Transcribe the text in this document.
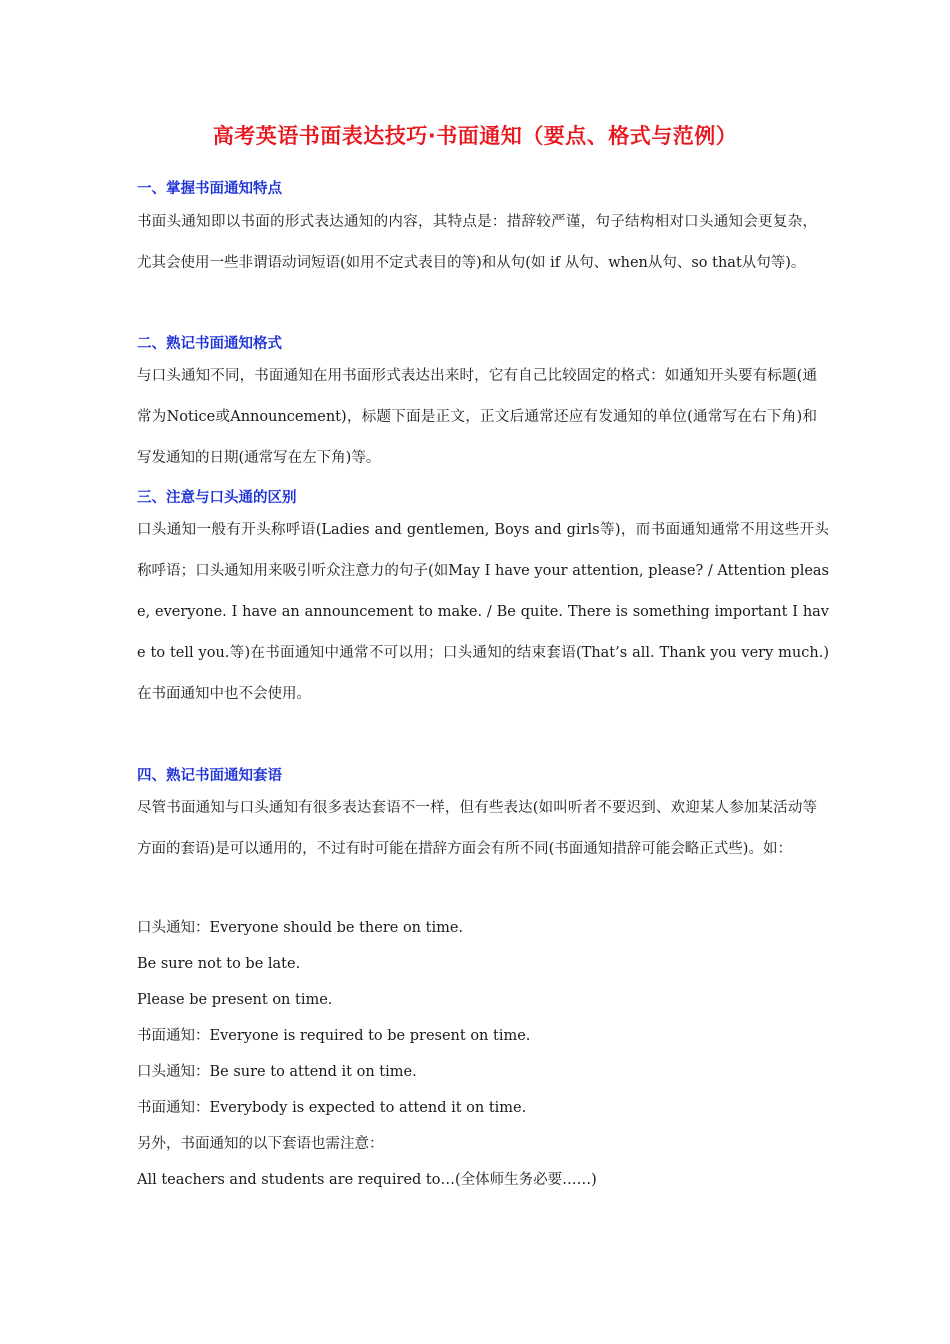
高考英语书面表达技巧·书面通知（要点、格式与范例）
一、掌握书面通知特点

书面头通知即以书面的形式表达通知的内容，其特点是：措辞较严谨，句子结构相对口头通知会更复杂，尤其会使用一些非谓语动词短语(如用不定式表目的等)和从句(如 if 从句、when从句、so that从句等)。

二、熟记书面通知格式

与口头通知不同，书面通知在用书面形式表达出来时，它有自己比较固定的格式：如通知开头要有标题(通常为Notice或Announcement)，标题下面是正文，正文后通常还应有发通知的单位(通常写在右下角)和写发通知的日期(通常写在左下角)等。

三、注意与口头通的区别

口头通知一般有开头称呼语(Ladies and gentlemen, Boys and girls等)，而书面通知通常不用这些开头称呼语；口头通知用来吸引听众注意力的句子(如May I have your attention, please? / Attention please, everyone. I have an announcement to make. / Be quite. There is something important I have to tell you.等)在书面通知中通常不可以用；口头通知的结束套语(That’s all. Thank you very much.)在书面通知中也不会使用。

四、熟记书面通知套语

尽管书面通知与口头通知有很多表达套语不一样，但有些表达(如叫听者不要迟到、欢迎某人参加某活动等方面的套语)是可以通用的，不过有时可能在措辞方面会有所不同(书面通知措辞可能会略正式些)。如：

口头通知：Everyone should be there on time.

Be sure not to be late.

Please be present on time.

书面通知：Everyone is required to be present on time.

口头通知：Be sure to attend it on time.

书面通知：Everybody is expected to attend it on time.

另外，书面通知的以下套语也需注意：

All teachers and students are required to…(全体师生务必要……)
